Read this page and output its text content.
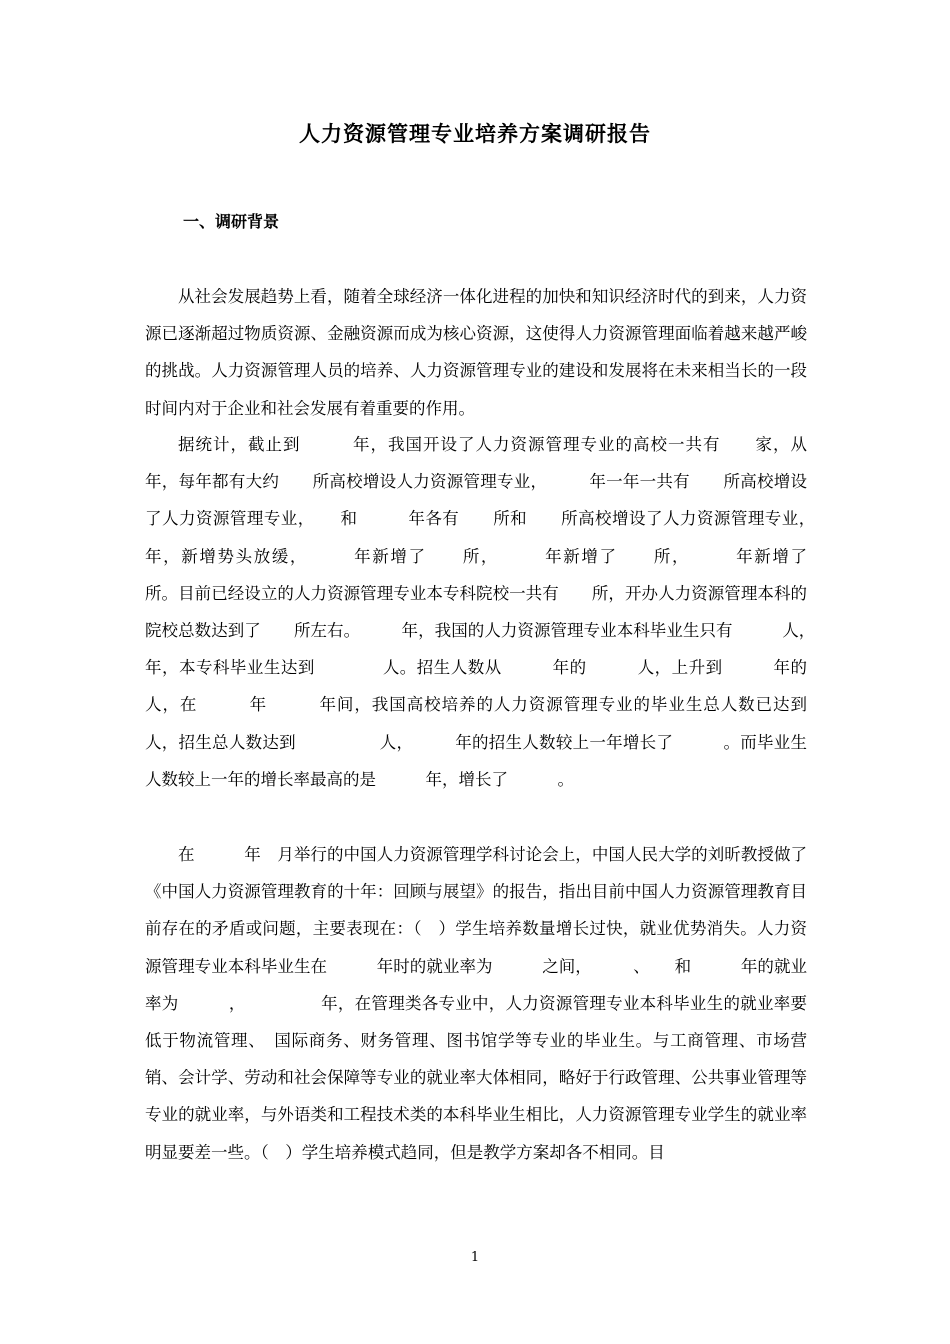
人力资源管理专业培养方案调研报告
一、调研背景

从社会发展趋势上看，随着全球经济一体化进程的加快和知识经济时代的到来，人力资源已逐渐超过物质资源、金融资源而成为核心资源，这使得人力资源管理面临着越来越严峻的挑战。人力资源管理人员的培养、人力资源管理专业的建设和发展将在未来相当长的一段时间内对于企业和社会发展有着重要的作用。

据统计，截止到　　　年，我国开设了人力资源管理专业的高校一共有　　家，从　　　　　年，每年都有大约　　所高校增设人力资源管理专业，　　　年一年一共有　　所高校增设了人力资源管理专业，　　和　　　年各有　　所和　　所高校增设了人力资源管理专业，　　　　　年，新增势头放缓，　　　年新增了　　所，　　　年新增了　　所，　　　年新增了　　所。目前已经设立的人力资源管理专业本专科院校一共有　　所，开办人力资源管理本科的院校总数达到了　　所左右。　　　年，我国的人力资源管理专业本科毕业生只有　　　人，　　　年，本专科毕业生达到　　　　人。招生人数从　　　年的　　　人，上升到　　　年的　　　　人，在　　　年　　　年间，我国高校培养的人力资源管理专业的毕业生总人数已达到　　　　人，招生总人数达到　　　　　人，　　　年的招生人数较上一年增长了　　　。而毕业生人数较上一年的增长率最高的是　　　年，增长了　　　。

在　　　年　月举行的中国人力资源管理学科讨论会上，中国人民大学的刘昕教授做了《中国人力资源管理教育的十年：回顾与展望》的报告，指出目前中国人力资源管理教育目前存在的矛盾或问题，主要表现在：（　）学生培养数量增长过快，就业优势消失。人力资源管理专业本科毕业生在　　　年时的就业率为　　　之间，　　　、　　和　　　年的就业率为　　　，　　　　　年，在管理类各专业中，人力资源管理专业本科毕业生的就业率要低于物流管理、　国际商务、财务管理、图书馆学等专业的毕业生。与工商管理、市场营销、会计学、劳动和社会保障等专业的就业率大体相同，略好于行政管理、公共事业管理等专业的就业率，与外语类和工程技术类的本科毕业生相比，人力资源管理专业学生的就业率明显要差一些。（　）学生培养模式趋同，但是教学方案却各不相同。目

1
